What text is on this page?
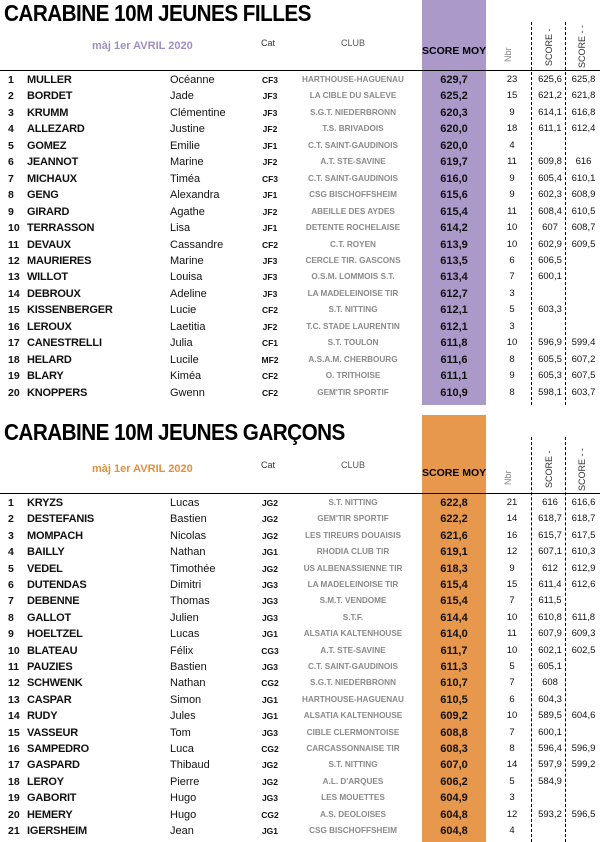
CARABINE 10M JEUNES FILLES
màj 1er AVRIL 2020	Cat	CLUB
SCORE MOY Nbr	SCORE -	SCORE - -
1 MULLER	Océanne	CF3	HARTHOUSE-HAGUENAU	629,7	23	625,6	625,8
2 BORDET	Jade	JF3	LA CIBLE DU SALEVE	625,2	15	621,2	621,8
3 KRUMM	Clémentine	JF3	S.G.T. NIEDERBRONN	620,3	9	614,1	616,8
4 ALLEZARD	Justine	JF2	T.S. BRIVADOIS	620,0	18	611,1	612,4
5 GOMEZ	Emilie	JF1	C.T. SAINT-GAUDINOIS	620,0	4
6 JEANNOT	Marine	JF2	A.T. STE-SAVINE	619,7	11	609,8	616
7 MICHAUX	Timéa	CF3	C.T. SAINT-GAUDINOIS	616,0	9	605,4	610,1
8 GENG	Alexandra	JF1	CSG BISCHOFFSHEIM	615,6	9	602,3	608,9
9 GIRARD	Agathe	JF2	ABEILLE DES AYDES	615,4	11	608,4	610,5
10 TERRASSON	Lisa	JF1	DETENTE ROCHELAISE	614,2	10	607	608,7
11 DEVAUX	Cassandre	CF2	C.T. ROYEN	613,9	10	602,9	609,5
12 MAURIERES	Marine	JF3	CERCLE TIR. GASCONS	613,5	6	606,5
13 WILLOT	Louisa	JF3	O.S.M. LOMMOIS S.T.	613,4	7	600,1
14 DEBROUX	Adeline	JF3	LA MADELEINOISE TIR	612,7	3
15 KISSENBERGER	Lucie	CF2	S.T. NITTING	612,1	5	603,3
16 LEROUX	Laetitia	JF2	T.C. STADE LAURENTIN	612,1	3
17 CANESTRELLI	Julia	CF1	S.T. TOULON	611,8	10	596,9	599,4
18 HELARD	Lucile	MF2	A.S.A.M. CHERBOURG	611,6	8	605,5	607,2
19 BLARY	Kiméa	CF2	O. TRITHOISE	611,1	9	605,3	607,5
20 KNOPPERS	Gwenn	CF2	GEM'TIR SPORTIF	610,9	8	598,1	603,7
CARABINE 10M JEUNES GARÇONS
màj 1er AVRIL 2020	Cat	CLUB
SCORE MOY Nbr	SCORE -	SCORE - -
1 KRYZS	Lucas	JG2	S.T. NITTING	622,8	21	616	616,6
2 DESTEFANIS	Bastien	JG2	GEM'TIR SPORTIF	622,2	14	618,7	618,7
3 MOMPACH	Nicolas	JG2	LES TIREURS DOUAISIS	621,6	16	615,7	617,5
4 BAILLY	Nathan	JG1	RHODIA CLUB TIR	619,1	12	607,1	610,3
5 VEDEL	Timothée	JG2	US ALBENASSIENNE TIR	618,3	9	612	612,9
6 DUTENDAS	Dimitri	JG3	LA MADELEINOISE TIR	615,4	15	611,4	612,6
7 DEBENNE	Thomas	JG3	S.M.T. VENDOME	615,4	7	611,5
8 GALLOT	Julien	JG3	S.T.F.	614,4	10	610,8	611,8
9 HOELTZEL	Lucas	JG1	ALSATIA KALTENHOUSE	614,0	11	607,9	609,3
10 BLATEAU	Félix	CG3	A.T. STE-SAVINE	611,7	10	602,1	602,5
11 PAUZIES	Bastien	JG3	C.T. SAINT-GAUDINOIS	611,3	5	605,1
12 SCHWENK	Nathan	CG2	S.G.T. NIEDERBRONN	610,7	7	608
13 CASPAR	Simon	JG1	HARTHOUSE-HAGUENAU	610,5	6	604,3
14 RUDY	Jules	JG1	ALSATIA KALTENHOUSE	609,2	10	589,5	604,6
15 VASSEUR	Tom	JG3	CIBLE CLERMONTOISE	608,8	7	600,1
16 SAMPEDRO	Luca	CG2	CARCASSONNAISE TIR	608,3	8	596,4	596,9
17 GASPARD	Thibaud	JG2	S.T. NITTING	607,0	14	597,9	599,2
18 LEROY	Pierre	JG2	A.L. D'ARQUES	606,2	5	584,9
19 GABORIT	Hugo	JG3	LES MOUETTES	604,9	3
20 HEMERY	Hugo	CG2	A.S. DEOLOISES	604,8	12	593,2	596,5
21 IGERSHEIM	Jean	JG1	CSG BISCHOFFSHEIM	604,8	4
